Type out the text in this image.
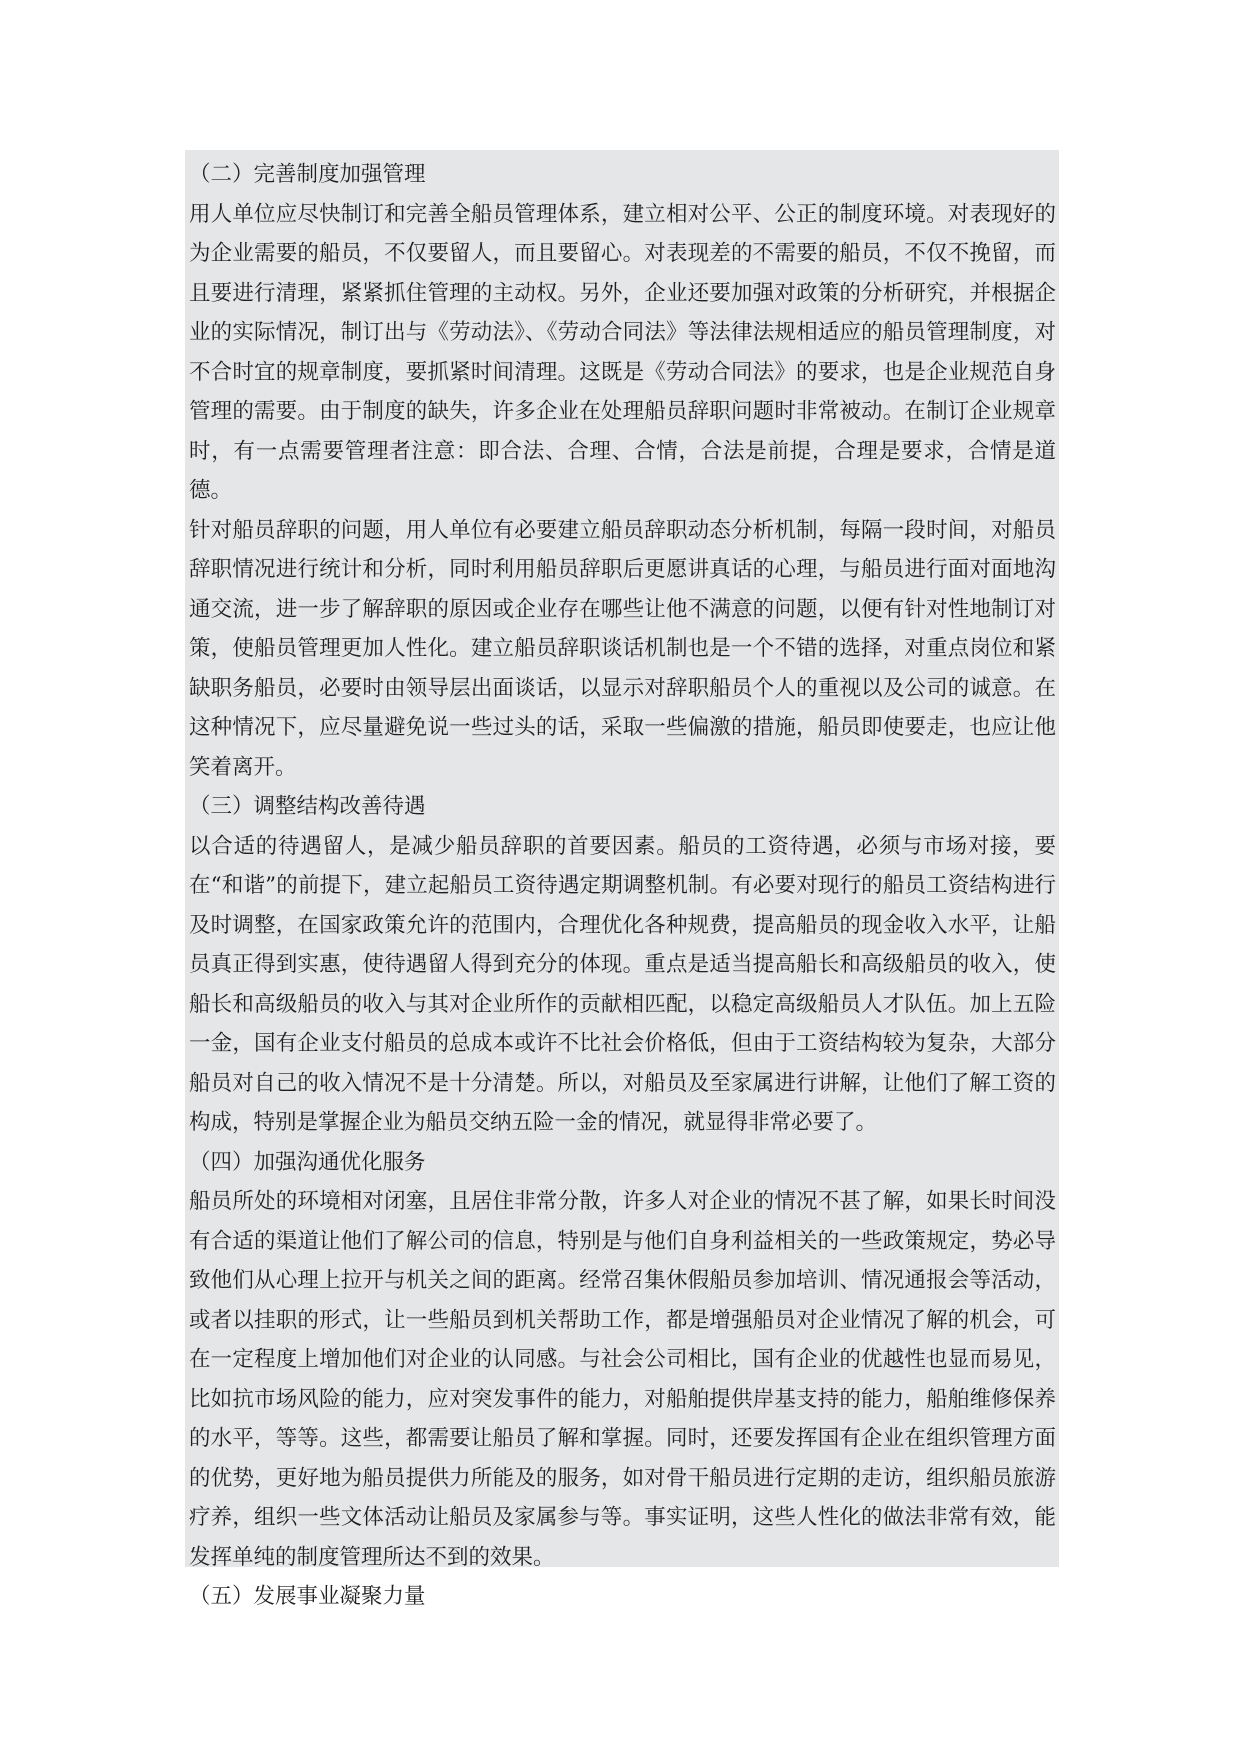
（二）完善制度加强管理

用人单位应尽快制订和完善全船员管理体系，建立相对公平、公正的制度环境。对表现好的为企业需要的船员，不仅要留人，而且要留心。对表现差的不需要的船员，不仅不挽留，而且要进行清理，紧紧抓住管理的主动权。另外，企业还要加强对政策的分析研究，并根据企业的实际情况，制订出与《劳动法》、《劳动合同法》等法律法规相适应的船员管理制度，对不合时宜的规章制度，要抓紧时间清理。这既是《劳动合同法》的要求，也是企业规范自身管理的需要。由于制度的缺失，许多企业在处理船员辞职问题时非常被动。在制订企业规章时，有一点需要管理者注意：即合法、合理、合情，合法是前提，合理是要求，合情是道德。

针对船员辞职的问题，用人单位有必要建立船员辞职动态分析机制，每隔一段时间，对船员辞职情况进行统计和分析，同时利用船员辞职后更愿讲真话的心理，与船员进行面对面地沟通交流，进一步了解辞职的原因或企业存在哪些让他不满意的问题，以便有针对性地制订对策，使船员管理更加人性化。建立船员辞职谈话机制也是一个不错的选择，对重点岗位和紧缺职务船员，必要时由领导层出面谈话，以显示对辞职船员个人的重视以及公司的诚意。在这种情况下，应尽量避免说一些过头的话，采取一些偏激的措施，船员即使要走，也应让他笑着离开。

（三）调整结构改善待遇

以合适的待遇留人，是减少船员辞职的首要因素。船员的工资待遇，必须与市场对接，要在“和谐”的前提下，建立起船员工资待遇定期调整机制。有必要对现行的船员工资结构进行及时调整，在国家政策允许的范围内，合理优化各种规费，提高船员的现金收入水平，让船员真正得到实惠，使待遇留人得到充分的体现。重点是适当提高船长和高级船员的收入，使船长和高级船员的收入与其对企业所作的贡献相匹配，以稳定高级船员人才队伍。加上五险一金，国有企业支付船员的总成本或许不比社会价格低，但由于工资结构较为复杂，大部分船员对自己的收入情况不是十分清楚。所以，对船员及至家属进行讲解，让他们了解工资的构成，特别是掌握企业为船员交纳五险一金的情况，就显得非常必要了。

（四）加强沟通优化服务

船员所处的环境相对闭塞，且居住非常分散，许多人对企业的情况不甚了解，如果长时间没有合适的渠道让他们了解公司的信息，特别是与他们自身利益相关的一些政策规定，势必导致他们从心理上拉开与机关之间的距离。经常召集休假船员参加培训、情况通报会等活动，或者以挂职的形式，让一些船员到机关帮助工作，都是增强船员对企业情况了解的机会，可在一定程度上增加他们对企业的认同感。与社会公司相比，国有企业的优越性也显而易见，比如抗市场风险的能力，应对突发事件的能力，对船舶提供岸基支持的能力，船舶维修保养的水平，等等。这些，都需要让船员了解和掌握。同时，还要发挥国有企业在组织管理方面的优势，更好地为船员提供力所能及的服务，如对骨干船员进行定期的走访，组织船员旅游疗养，组织一些文体活动让船员及家属参与等。事实证明，这些人性化的做法非常有效，能发挥单纯的制度管理所达不到的效果。

（五）发展事业凝聚力量
